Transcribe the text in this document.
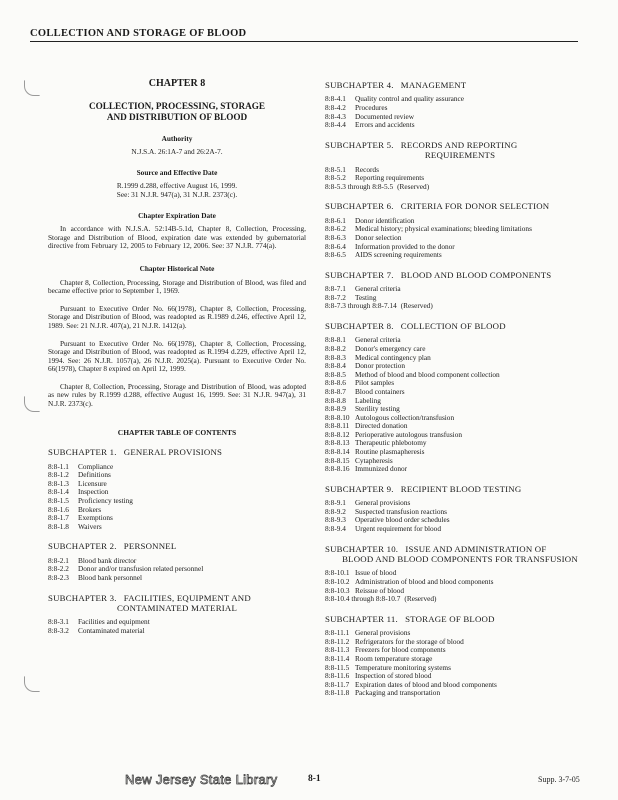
COLLECTION AND STORAGE OF BLOOD
CHAPTER 8
COLLECTION, PROCESSING, STORAGE
AND DISTRIBUTION OF BLOOD
Authority
N.J.S.A. 26:1A-7 and 26:2A-7.
Source and Effective Date
R.1999 d.288, effective August 16, 1999.
See: 31 N.J.R. 947(a), 31 N.J.R. 2373(c).
Chapter Expiration Date
In accordance with N.J.S.A. 52:14B-5.1d, Chapter 8, Collection, Processing, Storage and Distribution of Blood, expiration date was extended by gubernatorial directive from February 12, 2005 to February 12, 2006. See: 37 N.J.R. 774(a).
Chapter Historical Note
Chapter 8, Collection, Processing, Storage and Distribution of Blood, was filed and became effective prior to September 1, 1969.
Pursuant to Executive Order No. 66(1978), Chapter 8, Collection, Processing, Storage and Distribution of Blood, was readopted as R.1989 d.246, effective April 12, 1989. See: 21 N.J.R. 407(a), 21 N.J.R. 1412(a).
Pursuant to Executive Order No. 66(1978), Chapter 8, Collection, Processing, Storage and Distribution of Blood, was readopted as R.1994 d.229, effective April 12, 1994. See: 26 N.J.R. 1057(a), 26 N.J.R. 2025(a). Pursuant to Executive Order No. 66(1978), Chapter 8 expired on April 12, 1999.
Chapter 8, Collection, Processing, Storage and Distribution of Blood, was adopted as new rules by R.1999 d.288, effective August 16, 1999. See: 31 N.J.R. 947(a), 31 N.J.R. 2373(c).
CHAPTER TABLE OF CONTENTS
SUBCHAPTER 1. GENERAL PROVISIONS
8:8-1.1	Compliance
8:8-1.2	Definitions
8:8-1.3	Licensure
8:8-1.4	Inspection
8:8-1.5	Proficiency testing
8:8-1.6	Brokers
8:8-1.7	Exemptions
8:8-1.8	Waivers
SUBCHAPTER 2. PERSONNEL
8:8-2.1	Blood bank director
8:8-2.2	Donor and/or transfusion related personnel
8:8-2.3	Blood bank personnel
SUBCHAPTER 3. FACILITIES, EQUIPMENT AND
CONTAMINATED MATERIAL
8:8-3.1	Facilities and equipment
8:8-3.2	Contaminated material
SUBCHAPTER 4. MANAGEMENT
8:8-4.1	Quality control and quality assurance
8:8-4.2	Procedures
8:8-4.3	Documented review
8:8-4.4	Errors and accidents
SUBCHAPTER 5. RECORDS AND REPORTING
REQUIREMENTS
8:8-5.1	Records
8:8-5.2	Reporting requirements
8:8-5.3 through 8:8-5.5 (Reserved)
SUBCHAPTER 6. CRITERIA FOR DONOR SELECTION
8:8-6.1	Donor identification
8:8-6.2	Medical history; physical examinations; bleeding limitations
8:8-6.3	Donor selection
8:8-6.4	Information provided to the donor
8:8-6.5	AIDS screening requirements
SUBCHAPTER 7. BLOOD AND BLOOD COMPONENTS
8:8-7.1	General criteria
8:8-7.2	Testing
8:8-7.3 through 8:8-7.14 (Reserved)
SUBCHAPTER 8. COLLECTION OF BLOOD
8:8-8.1	General criteria
8:8-8.2	Donor's emergency care
8:8-8.3	Medical contingency plan
8:8-8.4	Donor protection
8:8-8.5	Method of blood and blood component collection
8:8-8.6	Pilot samples
8:8-8.7	Blood containers
8:8-8.8	Labeling
8:8-8.9	Sterility testing
8:8-8.10 Autologous collection/transfusion
8:8-8.11 Directed donation
8:8-8.12 Perioperative autologous transfusion
8:8-8.13 Therapeutic phlebotomy
8:8-8.14 Routine plasmapheresis
8:8-8.15 Cytapheresis
8:8-8.16 Immunized donor
SUBCHAPTER 9. RECIPIENT BLOOD TESTING
8:8-9.1	General provisions
8:8-9.2	Suspected transfusion reactions
8:8-9.3	Operative blood order schedules
8:8-9.4	Urgent requirement for blood
SUBCHAPTER 10. ISSUE AND ADMINISTRATION OF
BLOOD AND BLOOD COMPONENTS FOR TRANSFUSION
8:8-10.1 Issue of blood
8:8-10.2 Administration of blood and blood components
8:8-10.3 Reissue of blood
8:8-10.4 through 8:8-10.7 (Reserved)
SUBCHAPTER 11. STORAGE OF BLOOD
8:8-11.1 General provisions
8:8-11.2 Refrigerators for the storage of blood
8:8-11.3 Freezers for blood components
8:8-11.4 Room temperature storage
8:8-11.5 Temperature monitoring systems
8:8-11.6 Inspection of stored blood
8:8-11.7 Expiration dates of blood and blood components
8:8-11.8 Packaging and transportation
New Jersey State Library	8-1	Supp. 3-7-05
